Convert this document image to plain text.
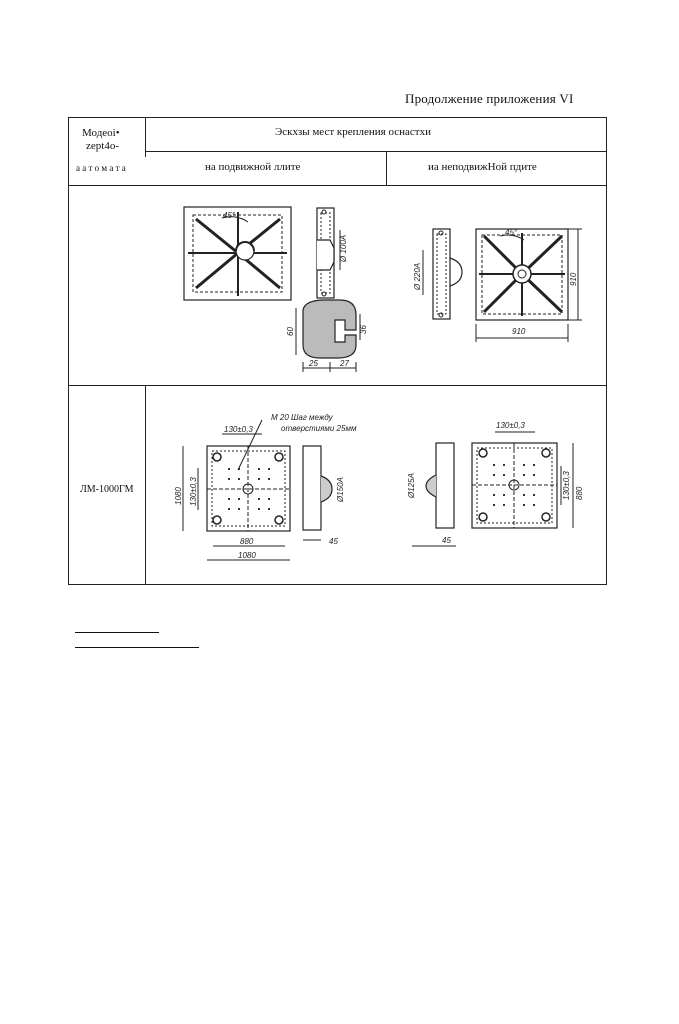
Продолжение приложения VI
Модeoi•
zept4o-
a a т о м а т а
Эскхзы мест крепления оснастхи
на подвижной ллите	иа неподвижНой пдите
ЛМ-1000ГМ
45°
Ø 100A
60	36
25	27
Ø 220A
45°
910
910
М 20 Шаг между
отверстиями 25мм
130±0,3
130±0,3
1080
880
1080
Ø150A
45
Ø125A
45
130±0,3
130±0,3 880
